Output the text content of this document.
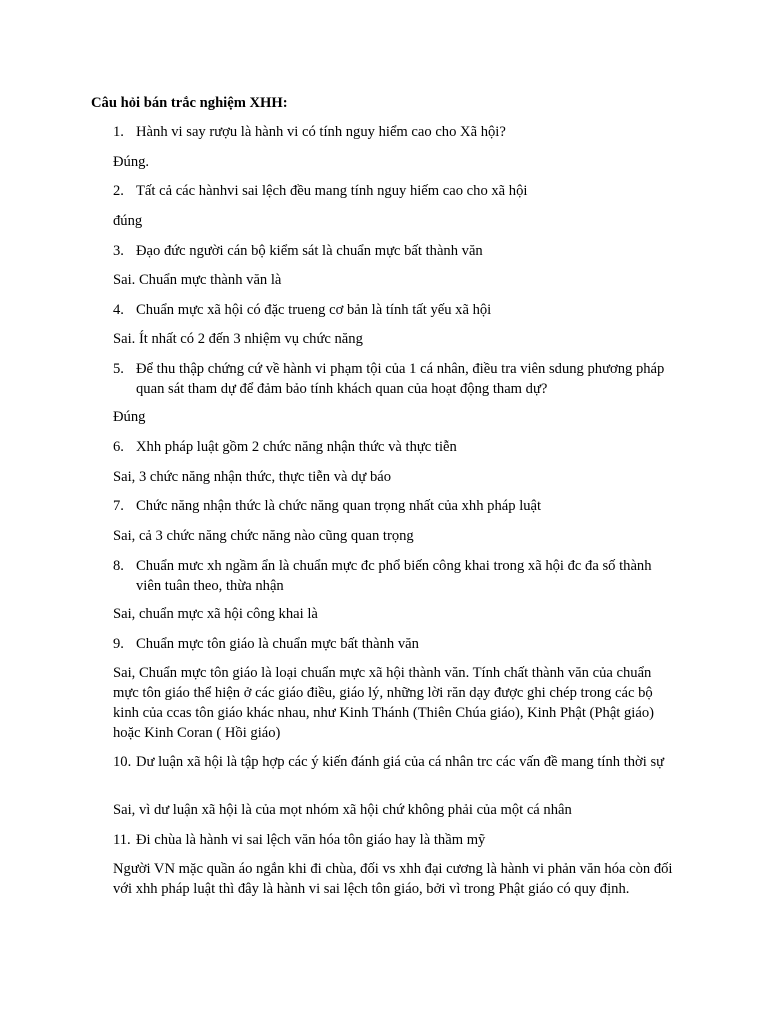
Câu hỏi bán trắc nghiệm XHH:

1. Hành vi say rượu là hành vi có tính nguy hiểm cao cho Xã hội?

Đúng.

2. Tất cả các hànhvi sai lệch đều mang tính nguy hiếm cao cho xã hội

đúng

3. Đạo đức người cán bộ kiểm sát là chuẩn mực bất thành văn

Sai. Chuẩn mực thành văn là

4. Chuẩn mực xã hội có đặc trueng cơ bản là tính tất yếu xã hội

Sai. Ít nhất có 2 đến 3 nhiệm vụ chức năng

5. Để thu thập chứng cứ về hành vi phạm tội của 1 cá nhân, điều tra viên sdung phương pháp quan sát tham dự để đảm bảo tính khách quan của hoạt động tham dự?

Đúng

6. Xhh pháp luật gồm 2 chức năng nhận thức và thực tiễn

Sai, 3 chức năng nhận thức, thực tiễn và dự báo

7. Chức năng nhận thức là chức năng quan trọng nhất của xhh pháp luật

Sai, cả 3 chức năng chức năng nào cũng quan trọng

8. Chuẩn mưc xh ngầm ẩn là chuẩn mực đc phổ biến công khai trong xã hội đc đa số thành viên tuân theo, thừa nhận

Sai, chuẩn mực xã hội công khai là

9. Chuẩn mực tôn giáo là chuẩn mực bất thành văn

Sai, Chuẩn mực tôn giáo là loại chuẩn mực xã hội thành văn. Tính chất thành văn của chuẩn mực tôn giáo thể hiện ở các giáo điều, giáo lý, những lời răn dạy được ghi chép trong các bộ kinh của ccas tôn giáo khác nhau, như Kinh Thánh (Thiên Chúa giáo), Kinh Phật (Phật giáo) hoặc Kinh Coran ( Hồi giáo)

10. Dư luận xã hội là tập hợp các ý kiến đánh giá của cá nhân trc các vấn đề mang tính thời sự

Sai, vì dư luận xã hội là của mọt nhóm xã hội chứ không phải của một cá nhân

11. Đi chùa là hành vi sai lệch văn hóa tôn giáo hay là thầm mỹ

Người VN mặc quần áo ngắn khi đi chùa, đối vs xhh đại cương là hành vi phản văn hóa còn đối với xhh pháp luật thì đây là hành vi sai lệch tôn giáo, bởi vì trong Phật giáo có quy định.
